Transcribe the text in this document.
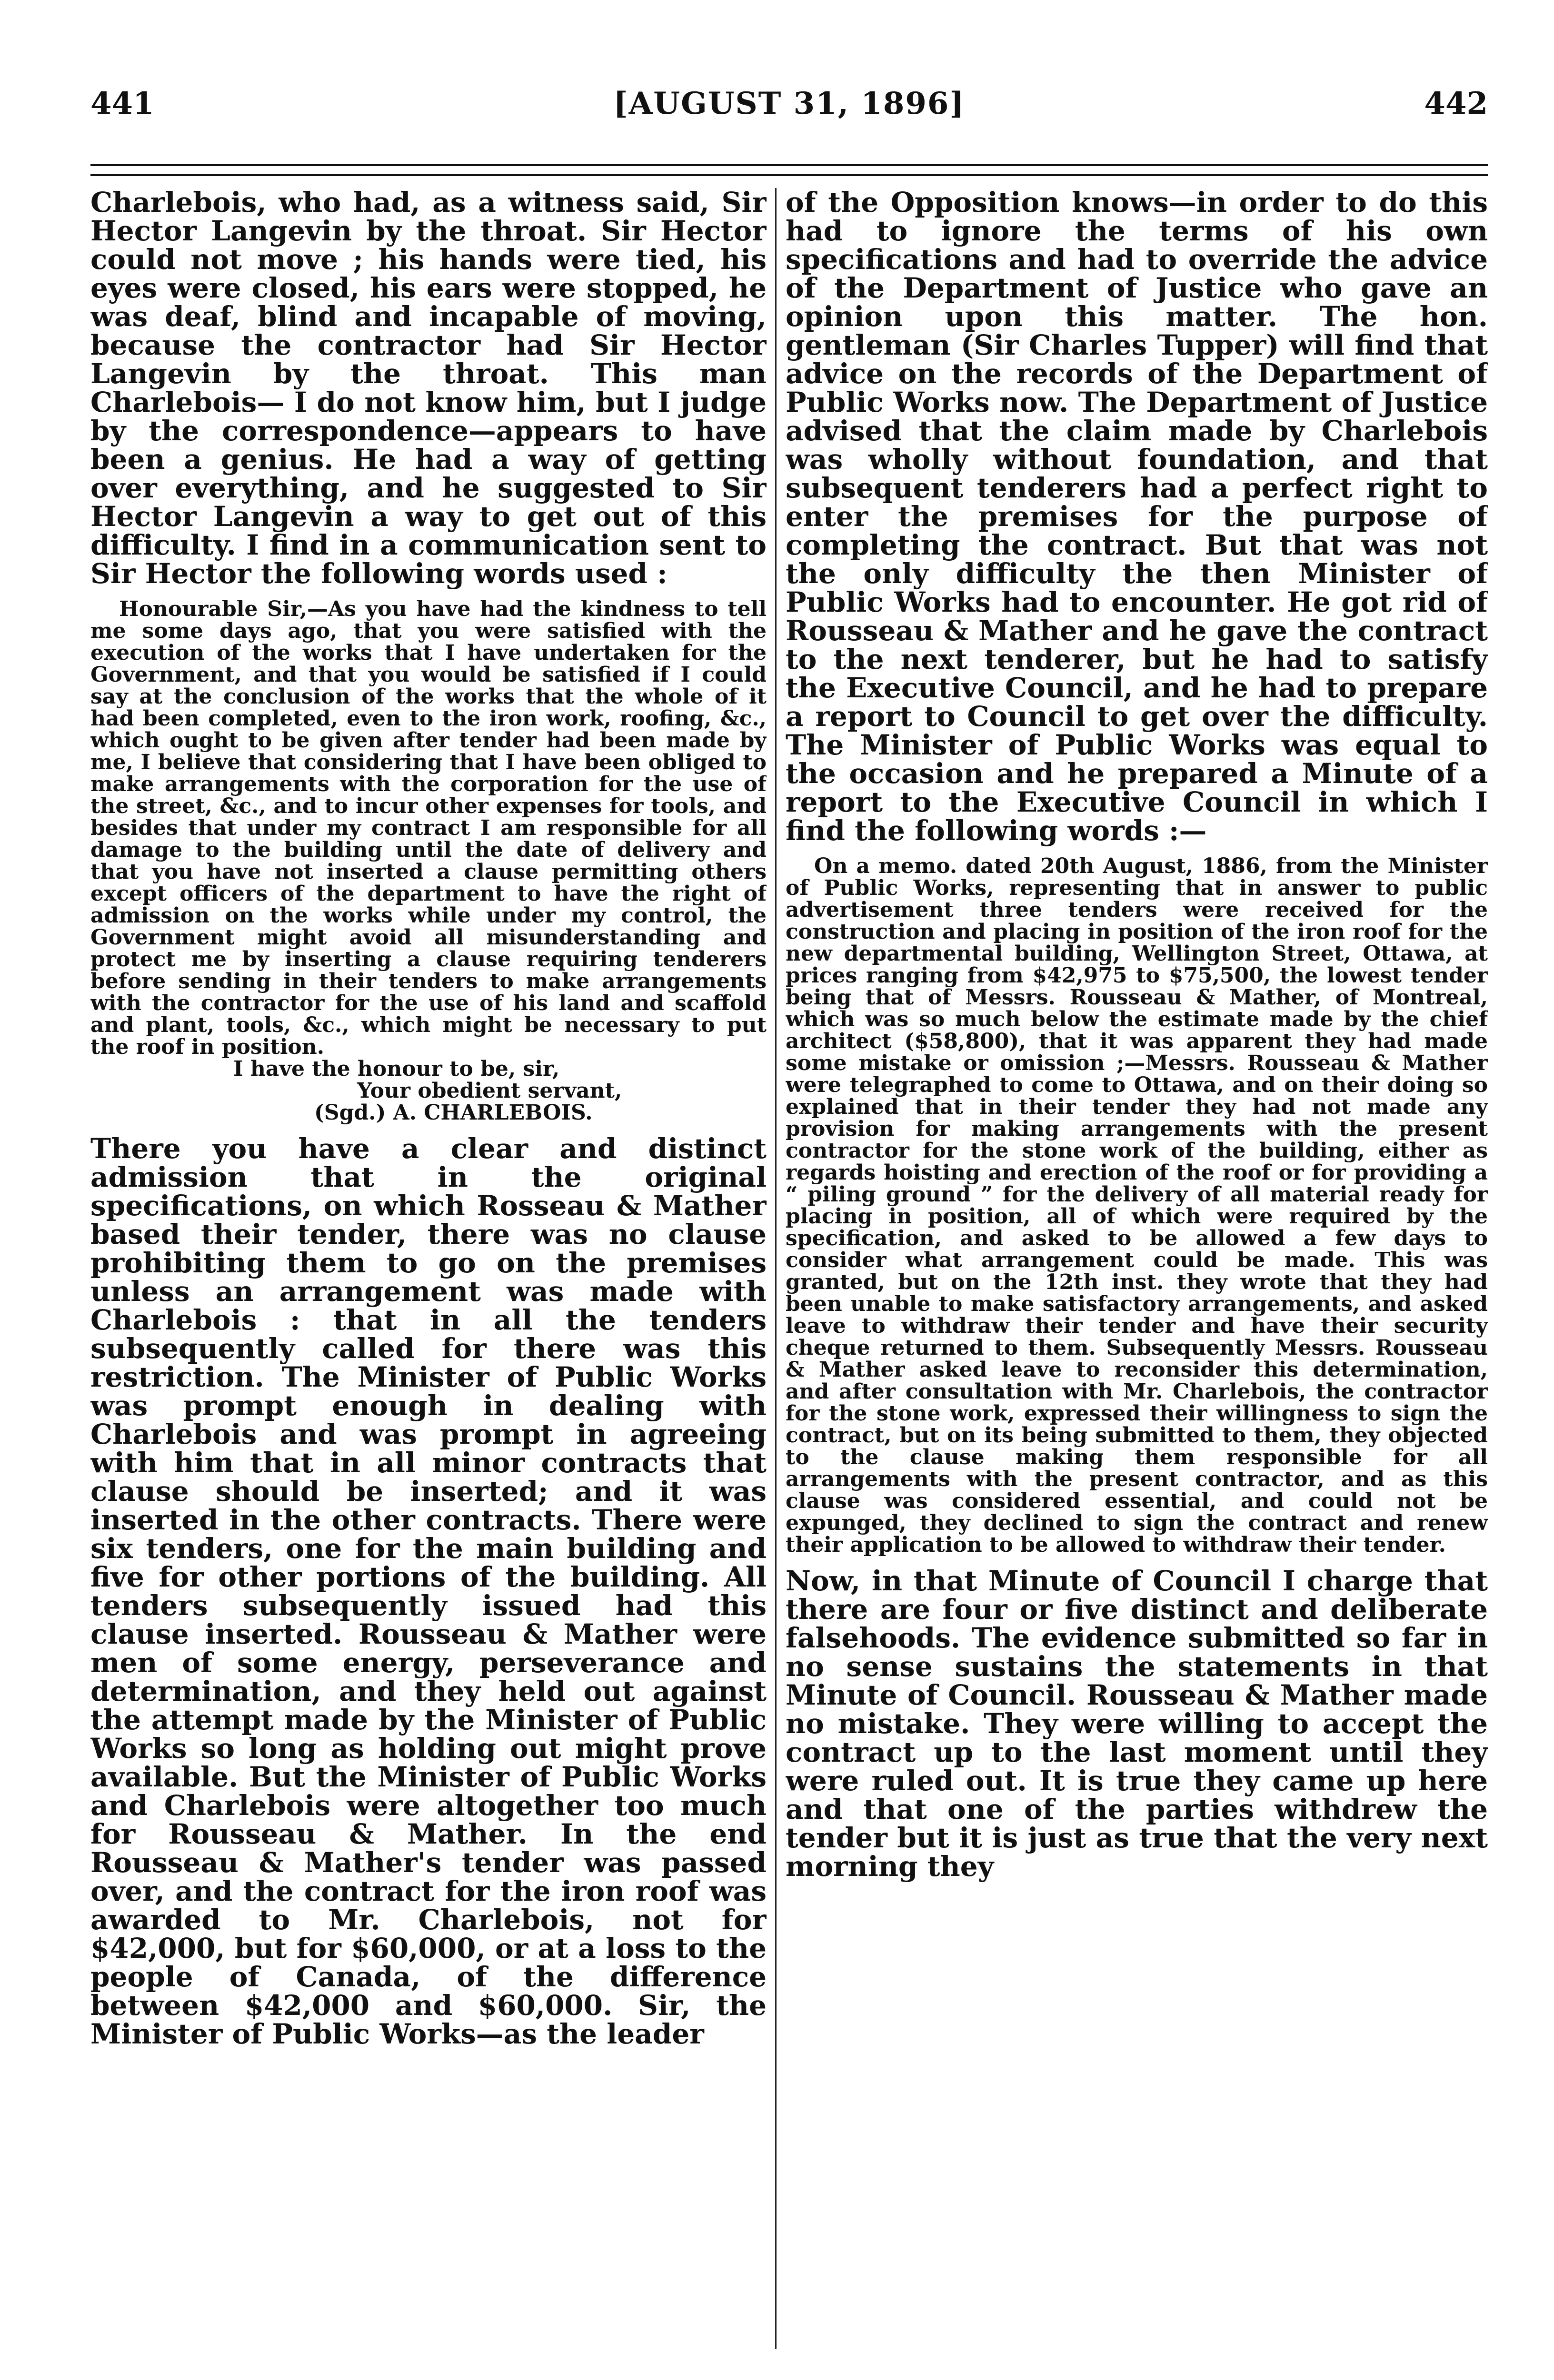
441	[AUGUST 31, 1896]	442

Charlebois, who had, as a witness said, Sir Hector Langevin by the throat. Sir Hector could not move ; his hands were tied, his eyes were closed, his ears were stopped, he was deaf, blind and incapable of moving, because the contractor had Sir Hector Langevin by the throat. This man Charlebois— I do not know him, but I judge by the correspondence—appears to have been a genius. He had a way of getting over everything, and he suggested to Sir Hector Langevin a way to get out of this difficulty. I find in a communication sent to Sir Hector the following words used :

Honourable Sir,—As you have had the kindness to tell me some days ago, that you were satisfied with the execution of the works that I have undertaken for the Government, and that you would be satisfied if I could say at the conclusion of the works that the whole of it had been completed, even to the iron work, roofing, &c., which ought to be given after tender had been made by me, I believe that considering that I have been obliged to make arrangements with the corporation for the use of the street, &c., and to incur other expenses for tools, and besides that under my contract I am responsible for all damage to the building until the date of delivery and that you have not inserted a clause permitting others except officers of the department to have the right of admission on the works while under my control, the Government might avoid all misunderstanding and protect me by inserting a clause requiring tenderers before sending in their tenders to make arrangements with the contractor for the use of his land and scaffold and plant, tools, &c., which might be necessary to put the roof in position.

I have the honour to be, sir,
Your obedient servant,
(Sgd.) A. CHARLEBOIS.

There you have a clear and distinct admission that in the original specifications, on which Rosseau & Mather based their tender, there was no clause prohibiting them to go on the premises unless an arrangement was made with Charlebois : that in all the tenders subsequently called for there was this restriction. The Minister of Public Works was prompt enough in dealing with Charlebois and was prompt in agreeing with him that in all minor contracts that clause should be inserted; and it was inserted in the other contracts. There were six tenders, one for the main building and five for other portions of the building. All tenders subsequently issued had this clause inserted. Rousseau & Mather were men of some energy, perseverance and determination, and they held out against the attempt made by the Minister of Public Works so long as holding out might prove available. But the Minister of Public Works and Charlebois were altogether too much for Rousseau & Mather. In the end Rousseau & Mather's tender was passed over, and the contract for the iron roof was awarded to Mr. Charlebois, not for $42,000, but for $60,000, or at a loss to the people of Canada, of the difference between $42,000 and $60,000. Sir, the Minister of Public Works—as the leader

of the Opposition knows—in order to do this had to ignore the terms of his own specifications and had to override the advice of the Department of Justice who gave an opinion upon this matter. The hon. gentleman (Sir Charles Tupper) will find that advice on the records of the Department of Public Works now. The Department of Justice advised that the claim made by Charlebois was wholly without foundation, and that subsequent tenderers had a perfect right to enter the premises for the purpose of completing the contract. But that was not the only difficulty the then Minister of Public Works had to encounter. He got rid of Rousseau & Mather and he gave the contract to the next tenderer, but he had to satisfy the Executive Council, and he had to prepare a report to Council to get over the difficulty. The Minister of Public Works was equal to the occasion and he prepared a Minute of a report to the Executive Council in which I find the following words :—

On a memo. dated 20th August, 1886, from the Minister of Public Works, representing that in answer to public advertisement three tenders were received for the construction and placing in position of the iron roof for the new departmental building, Wellington Street, Ottawa, at prices ranging from $42,975 to $75,500, the lowest tender being that of Messrs. Rousseau & Mather, of Montreal, which was so much below the estimate made by the chief architect ($58,800), that it was apparent they had made some mistake or omission ;—Messrs. Rousseau & Mather were telegraphed to come to Ottawa, and on their doing so explained that in their tender they had not made any provision for making arrangements with the present contractor for the stone work of the building, either as regards hoisting and erection of the roof or for providing a “ piling ground ” for the delivery of all material ready for placing in position, all of which were required by the specification, and asked to be allowed a few days to consider what arrangement could be made. This was granted, but on the 12th inst. they wrote that they had been unable to make satisfactory arrangements, and asked leave to withdraw their tender and have their security cheque returned to them. Subsequently Messrs. Rousseau & Mather asked leave to reconsider this determination, and after consultation with Mr. Charlebois, the contractor for the stone work, expressed their willingness to sign the contract, but on its being submitted to them, they objected to the clause making them responsible for all arrangements with the present contractor, and as this clause was considered essential, and could not be expunged, they declined to sign the contract and renew their application to be allowed to withdraw their tender.

Now, in that Minute of Council I charge that there are four or five distinct and deliberate falsehoods. The evidence submitted so far in no sense sustains the statements in that Minute of Council. Rousseau & Mather made no mistake. They were willing to accept the contract up to the last moment until they were ruled out. It is true they came up here and that one of the parties withdrew the tender but it is just as true that the very next morning they
